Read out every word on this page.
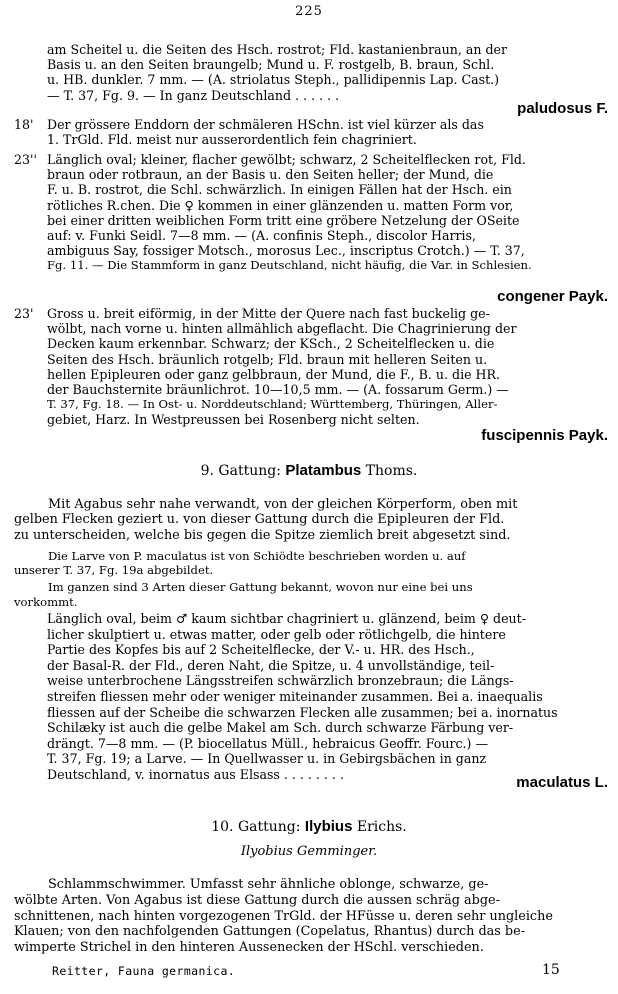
225
am Scheitel u. die Seiten des Hsch. rostrot; Fld. kastanienbraun, an der
Basis u. an den Seiten braungelb; Mund u. F. rostgelb, B. braun, Schl.
u. HB. dunkler. 7 mm. — (A. striolatus Steph., pallidipennis Lap. Cast.)
— T. 37, Fg. 9. — In ganz Deutschland . . . . . .
paludosus F.
18' Der grössere Enddorn der schmäleren HSchn. ist viel kürzer als das
1. TrGld. Fld. meist nur ausserordentlich fein chagriniert.
23'' Länglich oval; kleiner, flacher gewölbt; schwarz, 2 Scheitelflecken rot, Fld.
braun oder rotbraun, an der Basis u. den Seiten heller; der Mund, die
F. u. B. rostrot, die Schl. schwärzlich. In einigen Fällen hat der Hsch. ein
rötliches R.chen. Die ♀ kommen in einer glänzenden u. matten Form vor,
bei einer dritten weiblichen Form tritt eine gröbere Netzelung der OSeite
auf: v. Funki Seidl. 7—8 mm. — (A. confinis Steph., discolor Harris,
ambiguus Say, fossiger Motsch., morosus Lec., inscriptus Crotch.) — T. 37,
Fg. 11. — Die Stammform in ganz Deutschland, nicht häufig, die Var. in Schlesien.
congener Payk.
23' Gross u. breit eiförmig, in der Mitte der Quere nach fast buckelig ge-
wölbt, nach vorne u. hinten allmählich abgeflacht. Die Chagrinierung der
Decken kaum erkennbar. Schwarz; der KSch., 2 Scheitelflecken u. die
Seiten des Hsch. bräunlich rotgelb; Fld. braun mit helleren Seiten u.
hellen Epipleuren oder ganz gelbbraun, der Mund, die F., B. u. die HR.
der Bauchsternite bräunlichrot. 10—10,5 mm. — (A. fossarum Germ.) —
T. 37, Fg. 18. — In Ost- u. Norddeutschland; Württemberg, Thüringen, Aller-
gebiet, Harz. In Westpreussen bei Rosenberg nicht selten.
fuscipennis Payk.
9. Gattung: Platambus Thoms.
Mit Agabus sehr nahe verwandt, von der gleichen Körperform, oben mit
gelben Flecken geziert u. von dieser Gattung durch die Epipleuren der Fld.
zu unterscheiden, welche bis gegen die Spitze ziemlich breit abgesetzt sind.
Die Larve von P. maculatus ist von Schiödte beschrieben worden u. auf
unserer T. 37, Fg. 19a abgebildet.
Im ganzen sind 3 Arten dieser Gattung bekannt, wovon nur eine bei uns
vorkommt.
Länglich oval, beim ♂ kaum sichtbar chagriniert u. glänzend, beim ♀ deut-
licher skulptiert u. etwas matter, oder gelb oder rötlichgelb, die hintere
Partie des Kopfes bis auf 2 Scheitelflecke, der V.- u. HR. des Hsch.,
der Basal-R. der Fld., deren Naht, die Spitze, u. 4 unvollständige, teil-
weise unterbrochene Längsstreifen schwärzlich bronzebraun; die Längs-
streifen fliessen mehr oder weniger miteinander zusammen. Bei a. inaequalis
fliessen auf der Scheibe die schwarzen Flecken alle zusammen; bei a. inornatus
Schilæky ist auch die gelbe Makel am Sch. durch schwarze Färbung ver-
drängt. 7—8 mm. — (P. biocellatus Müll., hebraicus Geoffr. Fourc.) —
T. 37, Fg. 19; a Larve. — In Quellwasser u. in Gebirgsbächen in ganz
Deutschland, v. inornatus aus Elsass . . . . . . . .	maculatus L.
10. Gattung: Ilybius Erichs.
Ilyobius Gemminger.
Schlammschwimmer. Umfasst sehr ähnliche oblonge, schwarze, ge-
wölbte Arten. Von Agabus ist diese Gattung durch die aussen schräg abge-
schnittenen, nach hinten vorgezogenen TrGld. der HFüsse u. deren sehr ungleiche
Klauen; von den nachfolgenden Gattungen (Copelatus, Rhantus) durch das be-
wimperte Strichel in den hinteren Aussenecken der HSchl. verschieden.
Reitter, Fauna germanica.	15
